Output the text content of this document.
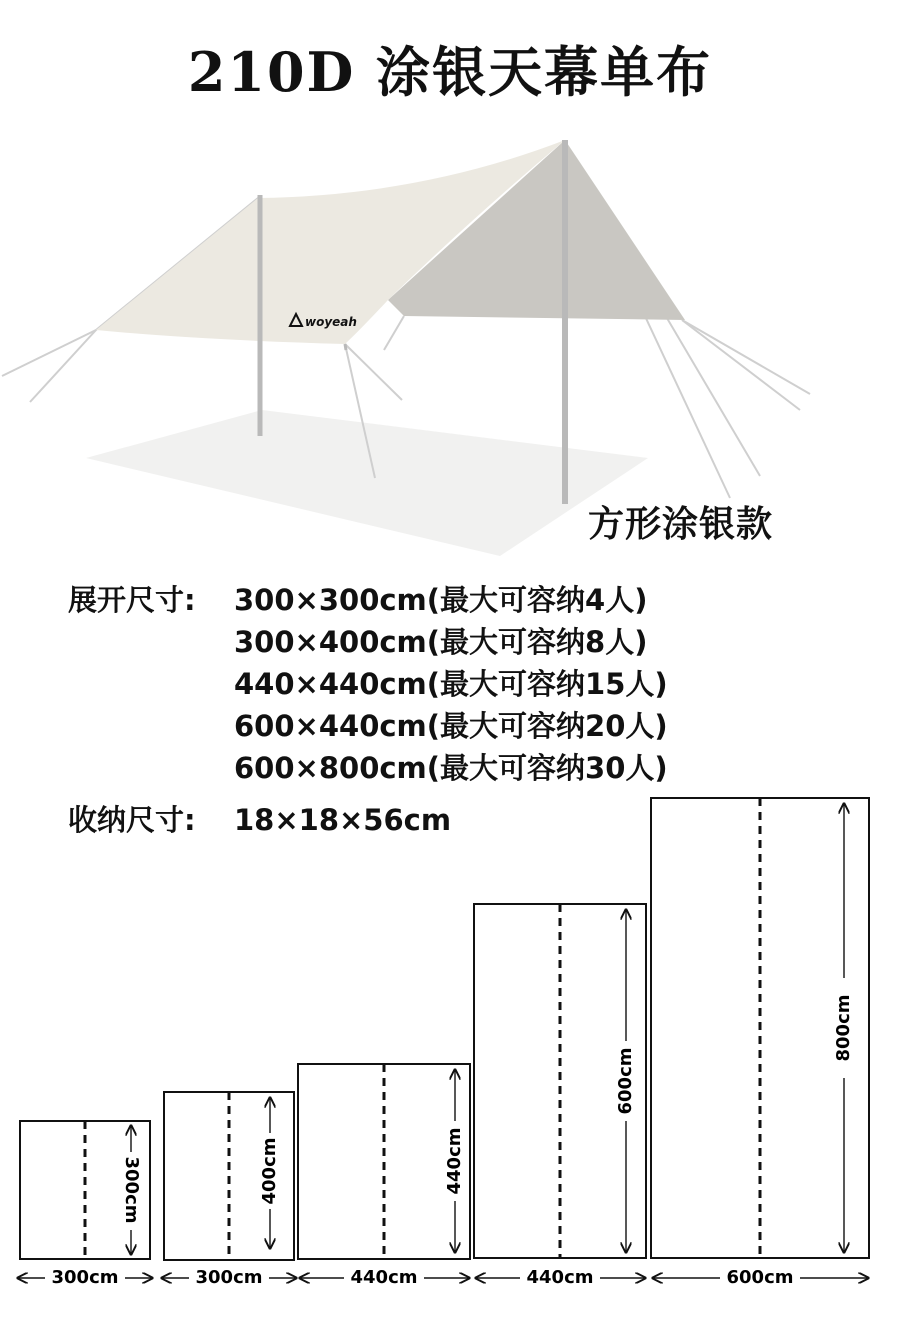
210D 涂银天幕单布
woyeah
方形涂银款
展开尺寸:	300×300cm(最大可容纳4人)
300×400cm(最大可容纳8人)
440×440cm(最大可容纳15人)
600×440cm(最大可容纳20人)
600×800cm(最大可容纳30人)
收纳尺寸:	18×18×56cm
300cm
300cm
400cm
300cm
440cm
440cm
600cm
440cm
800cm
600cm
